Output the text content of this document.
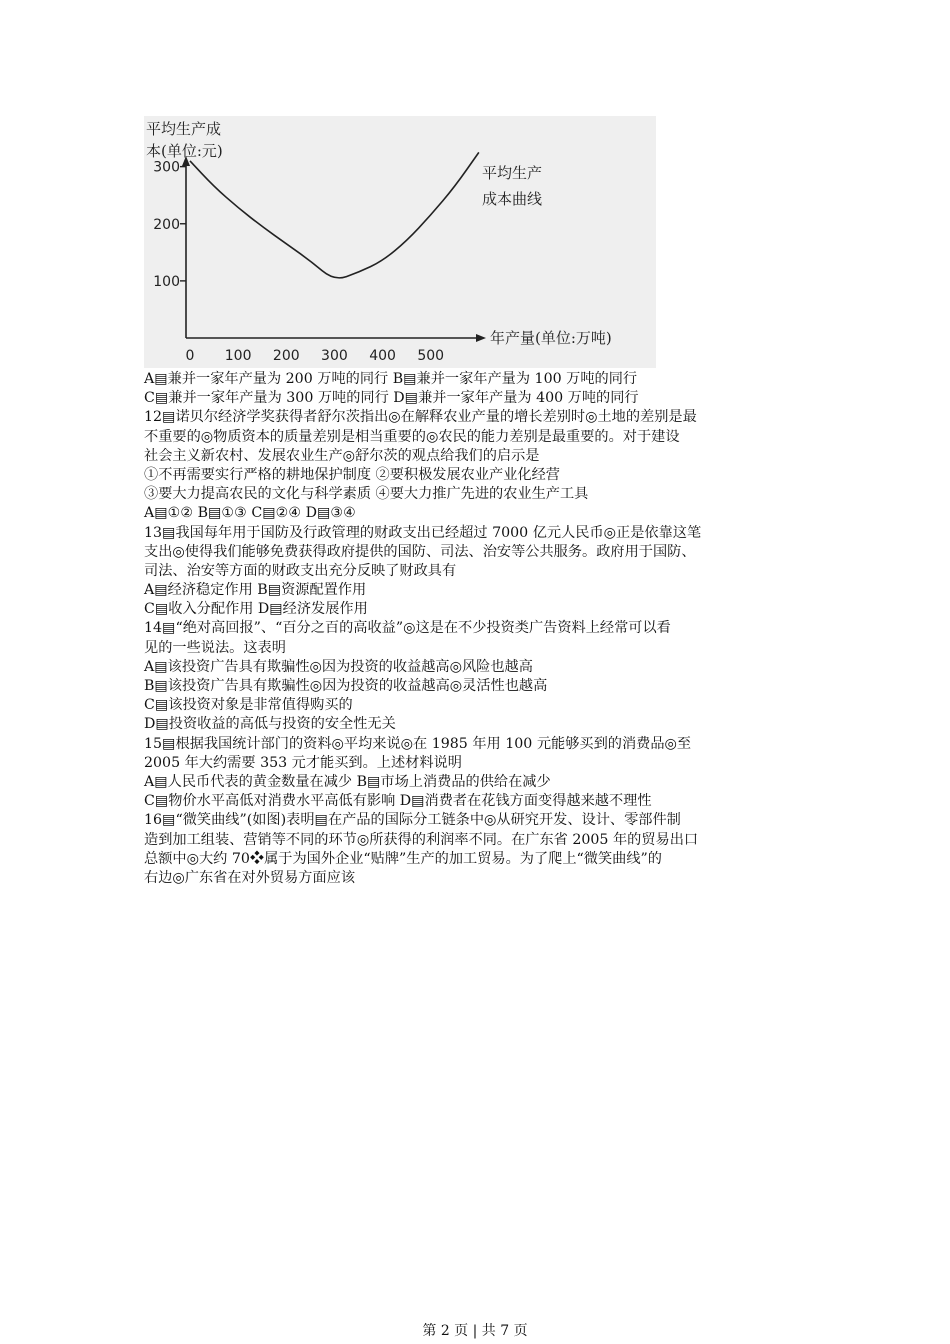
平均生产成
本(单位:元)
年产量(单位:万吨)
平均生产
成本曲线
0 100 200 300 400 500
100
200
300
A▤兼并一家年产量为 200 万吨的同行 B▤兼并一家年产量为 100 万吨的同行
C▤兼并一家年产量为 300 万吨的同行 D▤兼并一家年产量为 400 万吨的同行
12▤诺贝尔经济学奖获得者舒尔茨指出◎在解释农业产量的增长差别时◎土地的差别是最
不重要的◎物质资本的质量差别是相当重要的◎农民的能力差别是最重要的。对于建设
社会主义新农村、发展农业生产◎舒尔茨的观点给我们的启示是
①不再需要实行严格的耕地保护制度 ②要积极发展农业产业化经营
③要大力提高农民的文化与科学素质 ④要大力推广先进的农业生产工具
A▤①② B▤①③ C▤②④ D▤③④
13▤我国每年用于国防及行政管理的财政支出已经超过 7000 亿元人民币◎正是依靠这笔
支出◎使得我们能够免费获得政府提供的国防、司法、治安等公共服务。政府用于国防、
司法、治安等方面的财政支出充分反映了财政具有
A▤经济稳定作用 B▤资源配置作用
C▤收入分配作用 D▤经济发展作用
14▤“绝对高回报”、“百分之百的高收益”◎这是在不少投资类广告资料上经常可以看
见的一些说法。这表明
A▤该投资广告具有欺骗性◎因为投资的收益越高◎风险也越高
B▤该投资广告具有欺骗性◎因为投资的收益越高◎灵活性也越高
C▤该投资对象是非常值得购买的
D▤投资收益的高低与投资的安全性无关
15▤根据我国统计部门的资料◎平均来说◎在 1985 年用 100 元能够买到的消费品◎至
2005 年大约需要 353 元才能买到。上述材料说明
A▤人民币代表的黄金数量在减少 B▤市场上消费品的供给在减少
C▤物价水平高低对消费水平高低有影响 D▤消费者在花钱方面变得越来越不理性
16▤“微笑曲线”(如图)表明▤在产品的国际分工链条中◎从研究开发、设计、零部件制
造到加工组装、营销等不同的环节◎所获得的利润率不同。在广东省 2005 年的贸易出口
总额中◎大约 70❖属于为国外企业“贴牌”生产的加工贸易。为了爬上“微笑曲线”的
右边◎广东省在对外贸易方面应该
第 2 页 | 共 7 页
